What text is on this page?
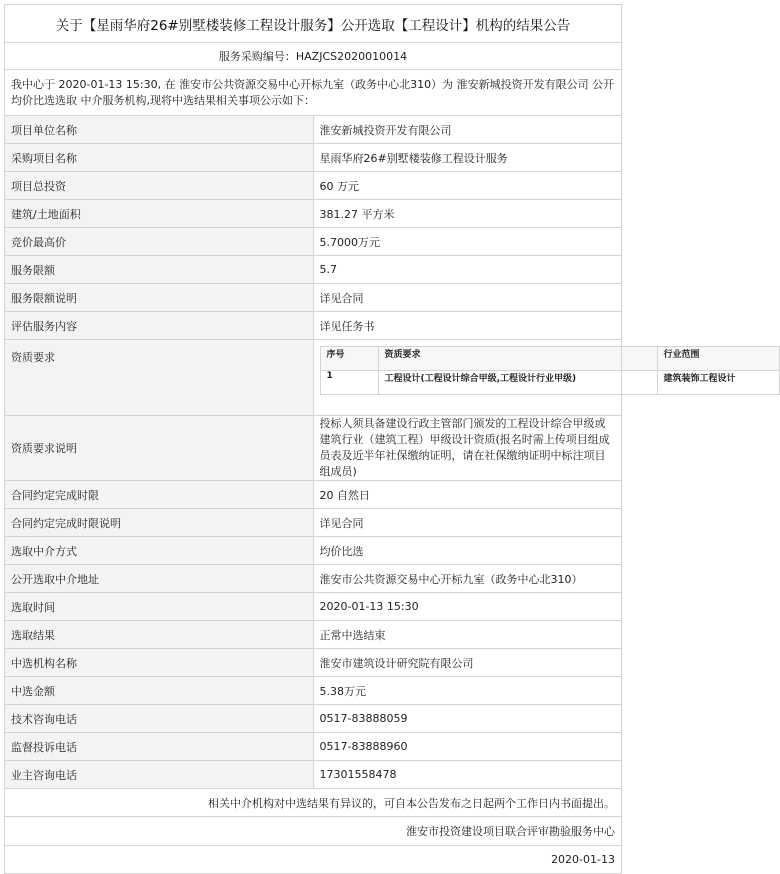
关于【星雨华府26#别墅楼装修工程设计服务】公开选取【工程设计】机构的结果公告
服务采购编号：HAZJCS2020010014
我中心于 2020-01-13 15:30, 在 淮安市公共资源交易中心开标九室（政务中心北310）为 淮安新城投资开发有限公司 公开均价比选选取 中介服务机构,现将中选结果相关事项公示如下：
项目单位名称	淮安新城投资开发有限公司
采购项目名称	星雨华府26#别墅楼装修工程设计服务
项目总投资	60 万元
建筑/土地面积	381.27 平方米
竞价最高价	5.7000万元
服务限额	5.7
服务限额说明	详见合同
评估服务内容	详见任务书
资质要求		序号	资质要求	行业范围
1	工程设计(工程设计综合甲级,工程设计行业甲级)	建筑装饰工程设计

资质要求说明	投标人须具备建设行政主管部门颁发的工程设计综合甲级或建筑行业（建筑工程）甲级设计资质(报名时需上传项目组成员表及近半年社保缴纳证明，请在社保缴纳证明中标注项目组成员)
合同约定完成时限	20 自然日
合同约定完成时限说明	详见合同
选取中介方式	均价比选
公开选取中介地址	淮安市公共资源交易中心开标九室（政务中心北310）
选取时间	2020-01-13 15:30
选取结果	正常中选结束
中选机构名称	淮安市建筑设计研究院有限公司
中选金额	5.38万元
技术咨询电话	0517-83888059
监督投诉电话	0517-83888960
业主咨询电话	17301558478
相关中介机构对中选结果有异议的，可自本公告发布之日起两个工作日内书面提出。
淮安市投资建设项目联合评审勘验服务中心
2020-01-13
